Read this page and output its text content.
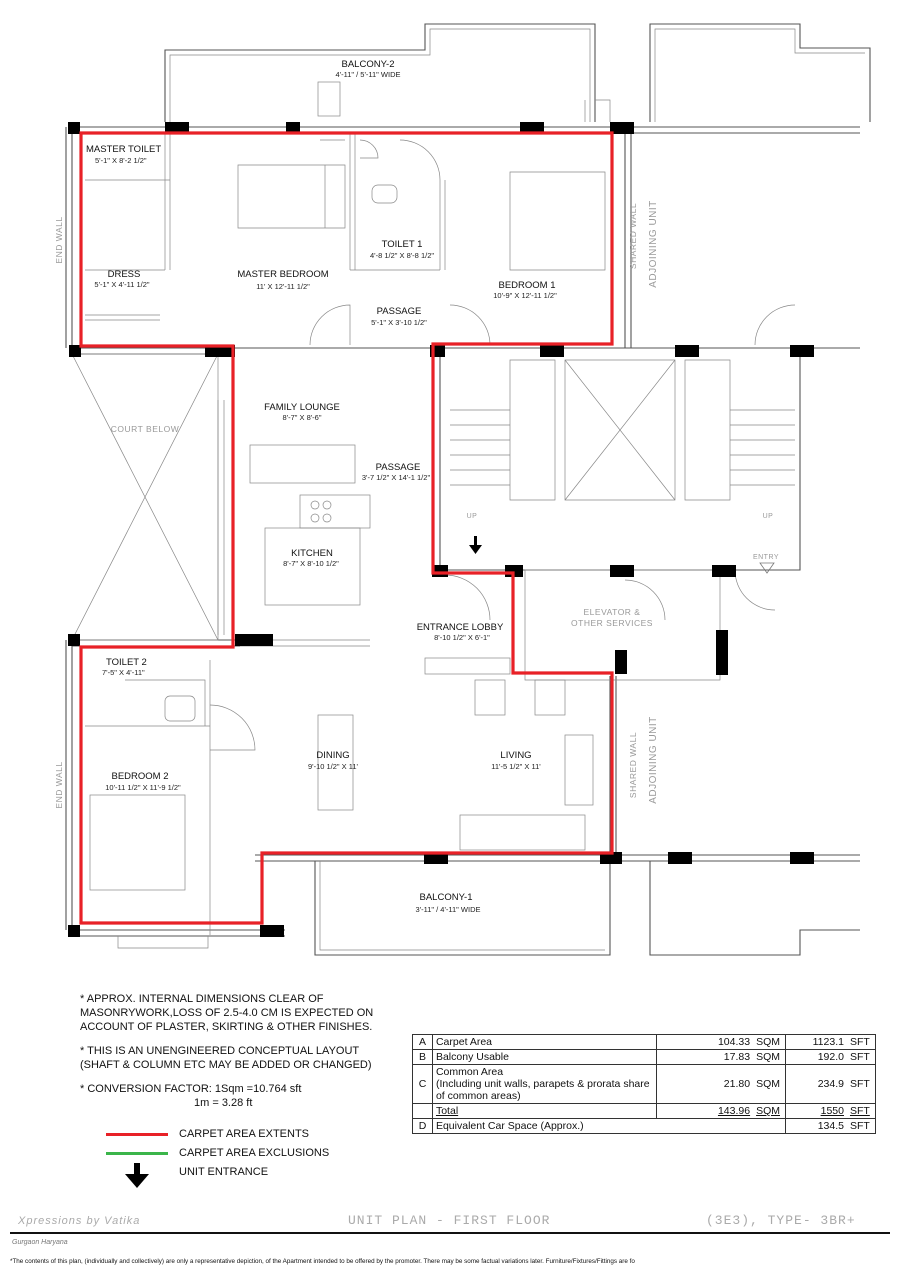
BALCONY-2
4'-11" / 5'-11" WIDE
MASTER TOILET
5'-1" X 8'-2 1/2"
DRESS
5'-1" X 4'-11 1/2"
MASTER BEDROOM
11' X 12'-11 1/2"
TOILET 1
4'-8 1/2" X 8'-8 1/2"
BEDROOM 1
10'-9" X 12'-11 1/2"
PASSAGE
5'-1" X 3'-10 1/2"
FAMILY LOUNGE
8'-7" X 8'-6"
PASSAGE
3'-7 1/2" X 14'-1 1/2"
KITCHEN
8'-7" X 8'-10 1/2"
ENTRANCE LOBBY
8'-10 1/2" X 6'-1"
TOILET 2
7'-5" X 4'-11"
DINING
9'-10 1/2" X 11'
LIVING
11'-5 1/2" X 11'
BEDROOM 2
10'-11 1/2" X 11'-9 1/2"
BALCONY-1
3'-11" / 4'-11" WIDE
END WALL
END WALL
COURT BELOW
SHARED WALL ADJOINING UNIT
SHARED WALL ADJOINING UNIT
ELEVATOR &
OTHER SERVICES
UP	UP
ENTRY

* APPROX. INTERNAL DIMENSIONS CLEAR OF
MASONRYWORK,LOSS OF 2.5-4.0 CM IS EXPECTED ON
ACCOUNT OF PLASTER, SKIRTING & OTHER FINISHES.

* THIS IS AN UNENGINEERED CONCEPTUAL LAYOUT
(SHAFT & COLUMN ETC MAY BE ADDED OR CHANGED)

* CONVERSION FACTOR: 1Sqm =10.764 sft

1m = 3.28 ft

CARPET AREA EXTENTS
CARPET AREA EXCLUSIONS
UNIT ENTRANCE
A	Carpet Area	104.33	SQM	1123.1	SFT
B	Balcony Usable	17.83	SQM	192.0	SFT
C	Common Area
(Including unit walls, parapets & prorata share
of common areas)	21.80	SQM	234.9	SFT
	Total	143.96	SQM	1550	SFT
D	Equivalent Car Space (Approx.)			134.5	SFT
Xpressions by Vatika	UNIT PLAN - FIRST FLOOR	(3E3), TYPE- 3BR+
Gurgaon Haryana
*The contents of this plan, (individually and collectively) are only a representative depiction, of the Apartment intended to be offered by the promoter. There may be some factual variations later. Furniture/Fixtures/Fittings are fo
